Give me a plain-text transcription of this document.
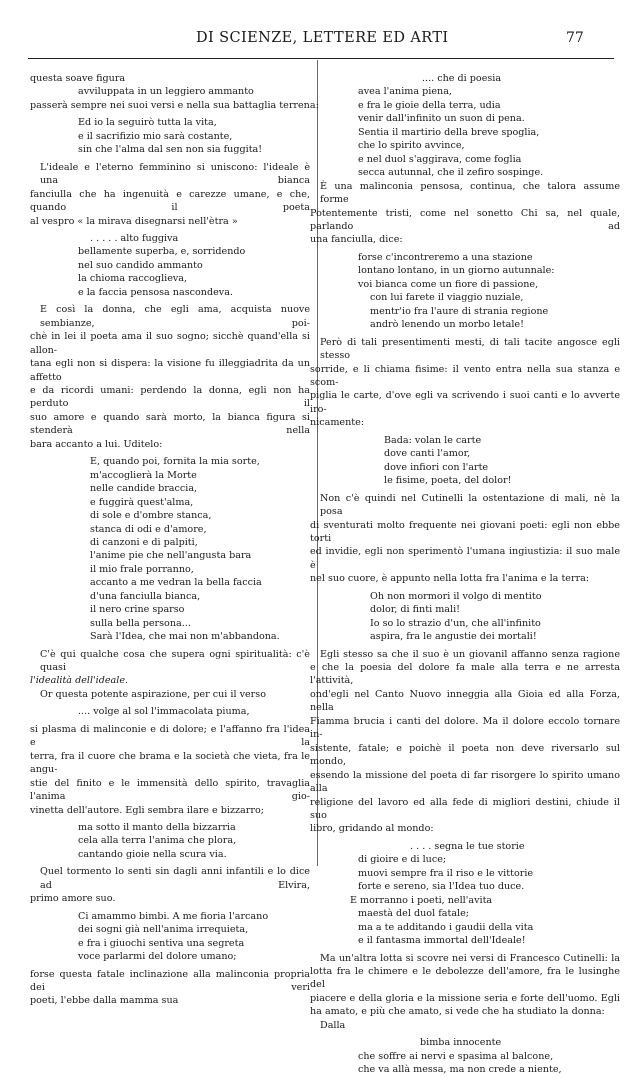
DI SCIENZE, LETTERE ED ARTI	77
questa soave figura
avviluppata in un leggiero ammanto
passerà sempre nei suoi versi e nella sua battaglia terrena:
Ed io la seguirò tutta la vita,
e il sacrifizio mio sarà costante,
sin che l'alma dal sen non sia fuggita!
L'ideale e l'eterno femminino si uniscono: l'ideale è una bianca
fanciulla che ha ingenuità e carezze umane, e che, quando il poeta
al vespro « la mirava disegnarsi nell'ètra »
. . . . . alto fuggiva
bellamente superba, e, sorridendo
nel suo candido ammanto
la chioma raccoglieva,
e la faccia pensosa nascondeva.
E così la donna, che egli ama, acquista nuove sembianze, poi-
chè in lei il poeta ama il suo sogno; sicchè quand'ella si allon-
tana egli non si dispera: la visione fu illeggiadrita da un affetto
e da ricordi umani: perdendo la donna, egli non ha perduto il
suo amore e quando sarà morto, la bianca figura si stenderà nella
bara accanto a lui. Uditelo:
E, quando poi, fornita la mia sorte,
m'accoglierà la Morte
nelle candide braccia,
e fuggirà quest'alma,
di sole e d'ombre stanca,
stanca di odi e d'amore,
di canzoni e di palpiti,
l'anime pie che nell'angusta bara
il mio frale porranno,
accanto a me vedran la bella faccia
d'una fanciulla bianca,
il nero crine sparso
sulla bella persona...
Sarà l'Idea, che mai non m'abbandona.
C'è qui qualche cosa che supera ogni spiritualità: c'è quasi
l'idealità dell'ideale.
Or questa potente aspirazione, per cui il verso
.... volge al sol l'immacolata piuma,
si plasma di malinconie e di dolore; e l'affanno fra l'idea e la
terra, fra il cuore che brama e la società che vieta, fra le angu-
stie del finito e le immensità dello spirito, travaglia l'anima gio-
vinetta dell'autore. Egli sembra ilare e bizzarro;
ma sotto il manto della bizzarria
cela alla terra l'anima che plora,
cantando gioie nella scura via.
Quel tormento lo senti sin dagli anni infantili e lo dice ad Elvira,
primo amore suo.
Ci amammo bimbi. A me fioria l'arcano
dei sogni già nell'anima irrequieta,
e fra i giuochi sentiva una segreta
voce parlarmi del dolore umano;
forse questa fatale inclinazione alla malinconia propria dei veri
poeti, l'ebbe dalla mamma sua
.... che di poesia
avea l'anima piena,
e fra le gioie della terra, udia
venir dall'infinito un suon di pena.
Sentia il martirio della breve spoglia,
che lo spirito avvince,
e nel duol s'aggirava, come foglia
secca autunnal, che il zefiro sospinge.
È una malinconia pensosa, continua, che talora assume forme
Potentemente tristi, come nel sonetto Chi sa, nel quale, parlando ad
una fanciulla, dice:
forse c'incontreremo a una stazione
lontano lontano, in un giorno autunnale:
voi bianca come un fiore di passione,
con lui farete il viaggio nuziale,
mentr'io fra l'aure di strania regione
andrò lenendo un morbo letale!
Però di tali presentimenti mesti, di tali tacite angosce egli stesso
sorride, e li chiama fisime: il vento entra nella sua stanza e scom-
piglia le carte, d'ove egli va scrivendo i suoi canti e lo avverte iro-
nicamente:
Bada: volan le carte
dove canti l'amor,
dove infiori con l'arte
le fisime, poeta, del dolor!
Non c'è quindi nel Cutinelli la ostentazione di mali, nè la posa
di sventurati molto frequente nei giovani poeti: egli non ebbe torti
ed invidie, egli non sperimentò l'umana ingiustizia: il suo male è
nel suo cuore, è appunto nella lotta fra l'anima e la terra:
Oh non mormori il volgo di mentito
dolor, di finti mali!
Io so lo strazio d'un, che all'infinito
aspira, fra le angustie dei mortali!
Egli stesso sa che il suo è un giovanil affanno senza ragione
e che la poesia del dolore fa male alla terra e ne arresta l'attività,
ond'egli nel Canto Nuovo inneggia alla Gioia ed alla Forza, nella
Fiamma brucia i canti del dolore. Ma il dolore eccolo tornare in-
sistente, fatale; e poichè il poeta non deve riversarlo sul mondo,
essendo la missione del poeta di far risorgere lo spirito umano alla
religione del lavoro ed alla fede di migliori destini, chiude il suo
libro, gridando al mondo:
. . . . segna le tue storie
di gioire e di luce;
muovi sempre fra il riso e le vittorie
forte e sereno, sia l'Idea tuo duce.
E morranno i poeti, nell'avita
maestà del duol fatale;
ma a te additando i gaudii della vita
e il fantasma immortal dell'Ideale!
Ma un'altra lotta si scovre nei versi di Francesco Cutinelli: la
lotta fra le chimere e le debolezze dell'amore, fra le lusinghe del
piacere e della gloria e la missione seria e forte dell'uomo. Egli
ha amato, e più che amato, si vede che ha studiato la donna:
Dalla
bimba innocente
che soffre ai nervi e spasima al balcone,
che va allà messa, ma non crede a niente,
